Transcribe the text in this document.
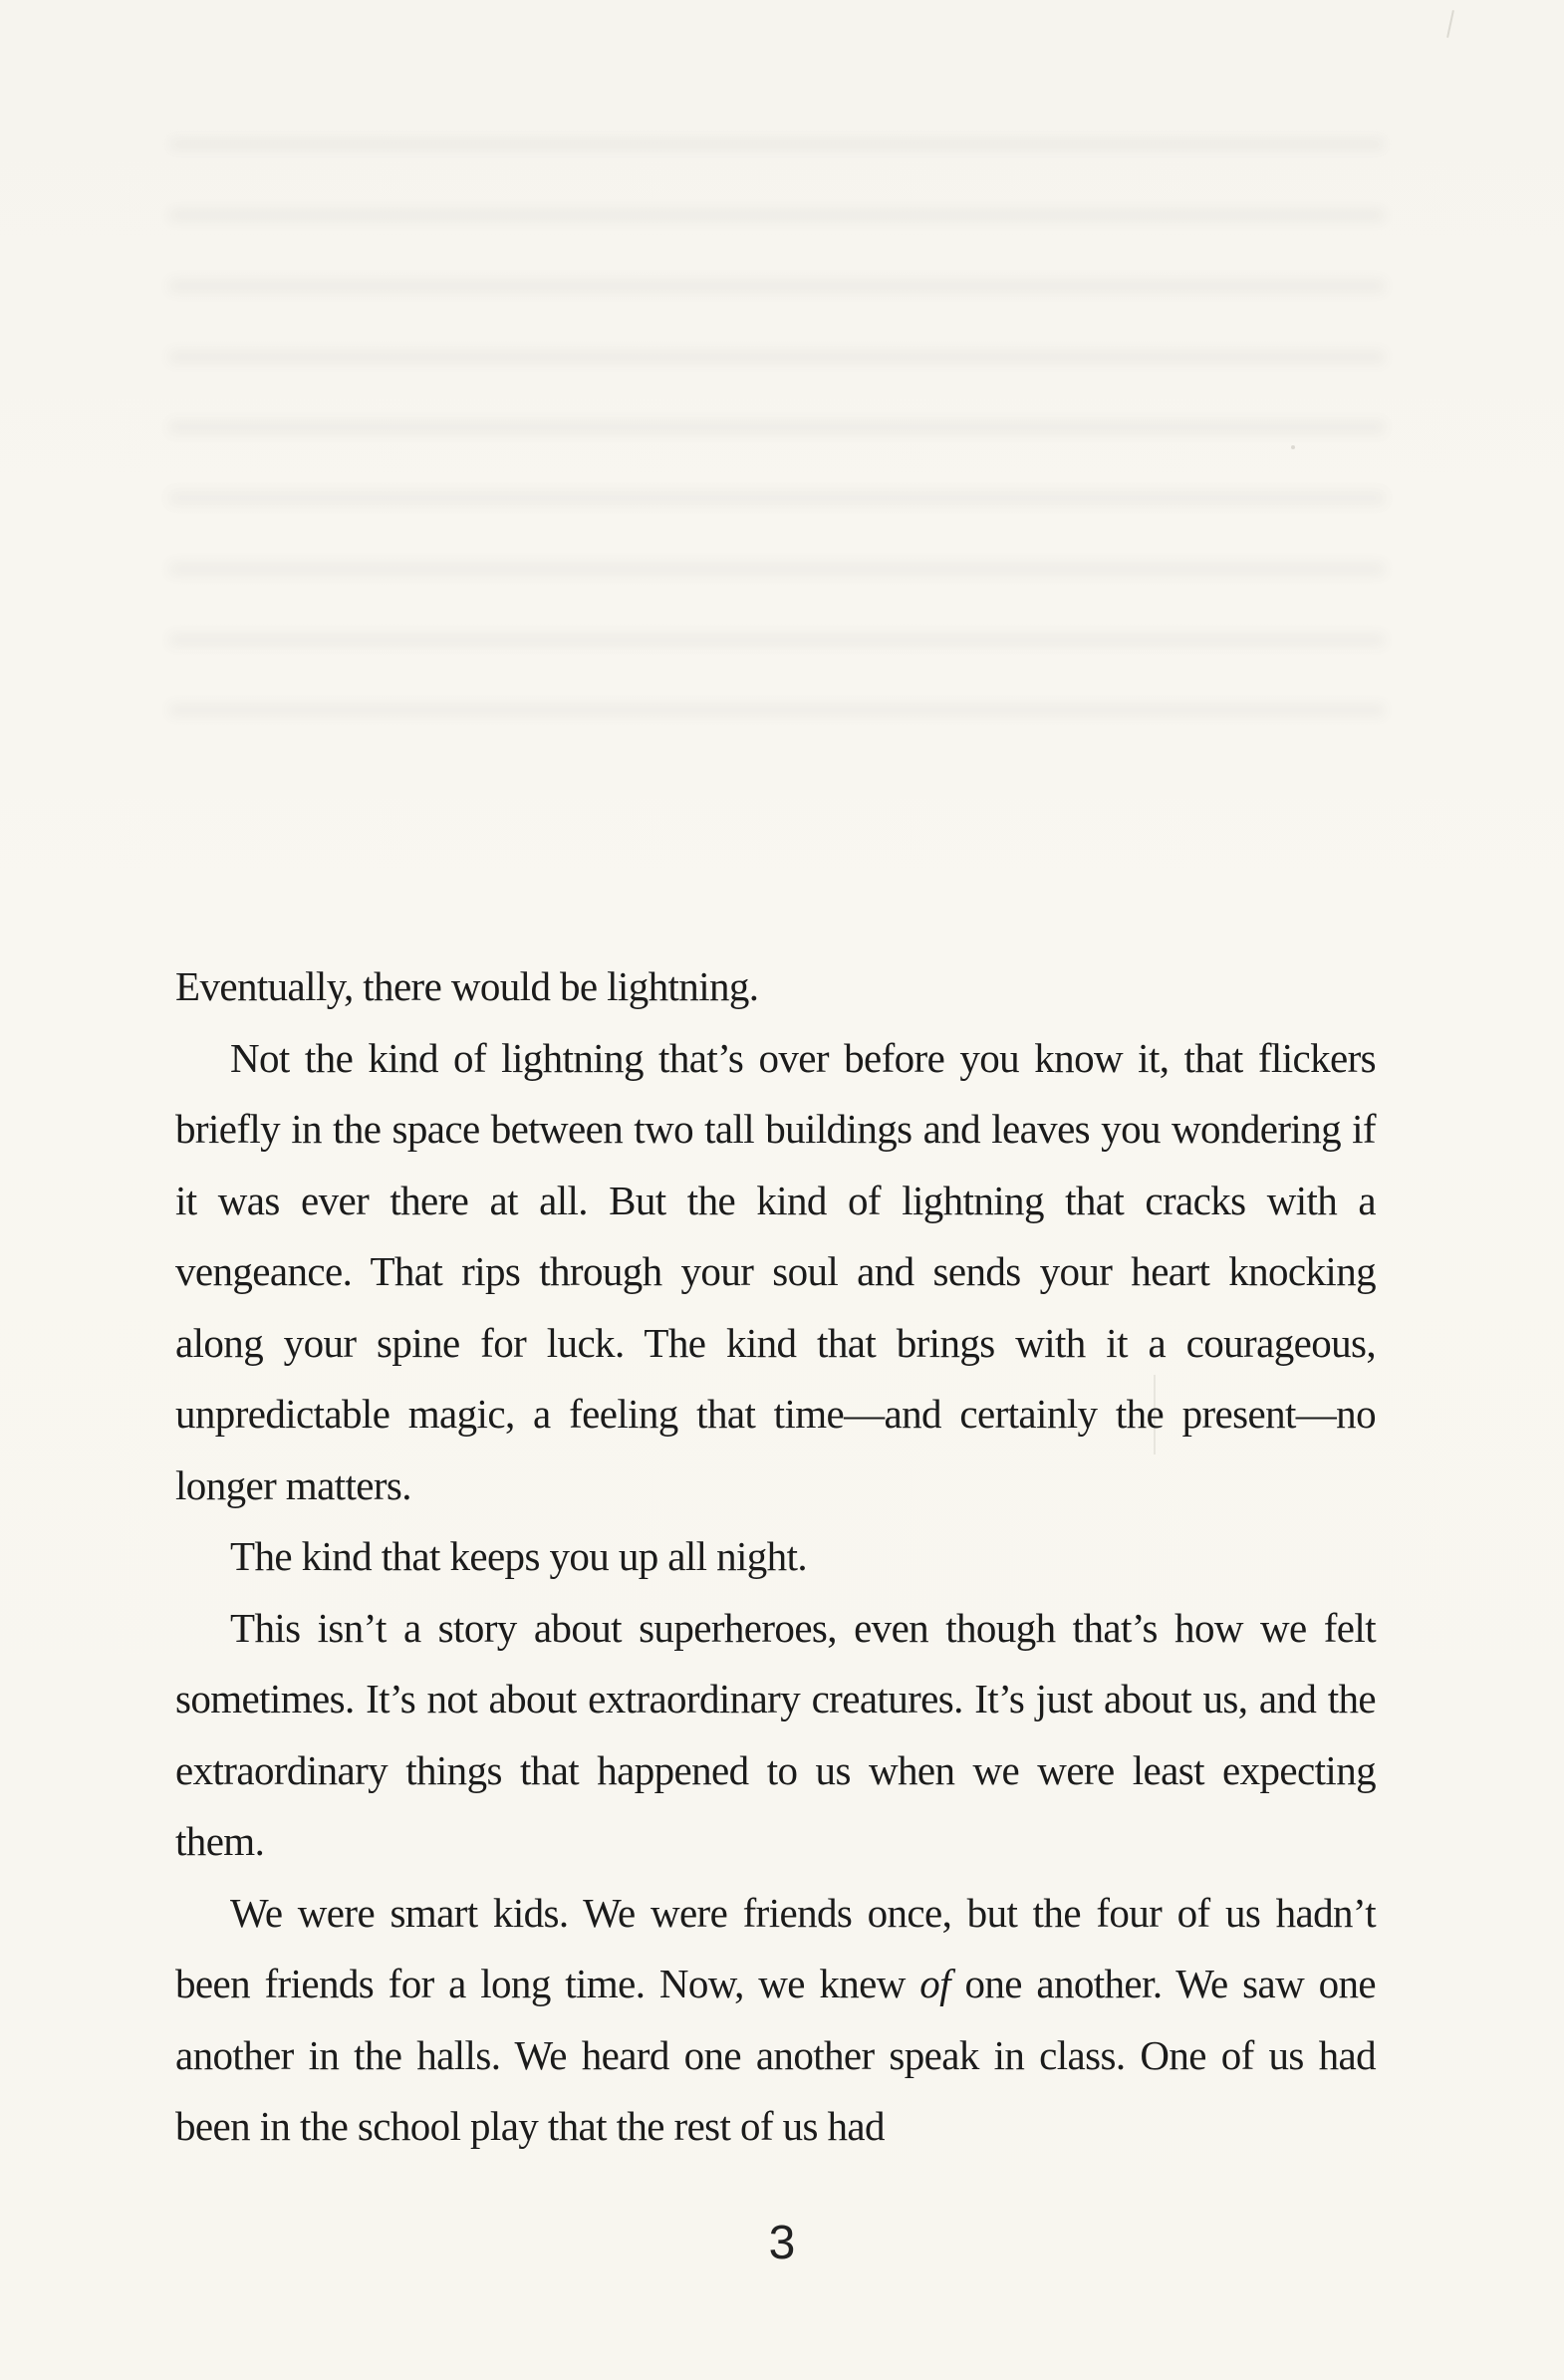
Eventually, there would be lightning.

Not the kind of lightning that’s over before you know it, that flickers briefly in the space between two tall buildings and leaves you wondering if it was ever there at all. But the kind of lightning that cracks with a vengeance. That rips through your soul and sends your heart knocking along your spine for luck. The kind that brings with it a courageous, unpredictable magic, a feeling that time—and certainly the present—no longer matters.

The kind that keeps you up all night.

This isn’t a story about superheroes, even though that’s how we felt sometimes. It’s not about extraordinary creatures. It’s just about us, and the extraordinary things that happened to us when we were least expecting them.

We were smart kids. We were friends once, but the four of us hadn’t been friends for a long time. Now, we knew of one another. We saw one another in the halls. We heard one another speak in class. One of us had been in the school play that the rest of us had

3
